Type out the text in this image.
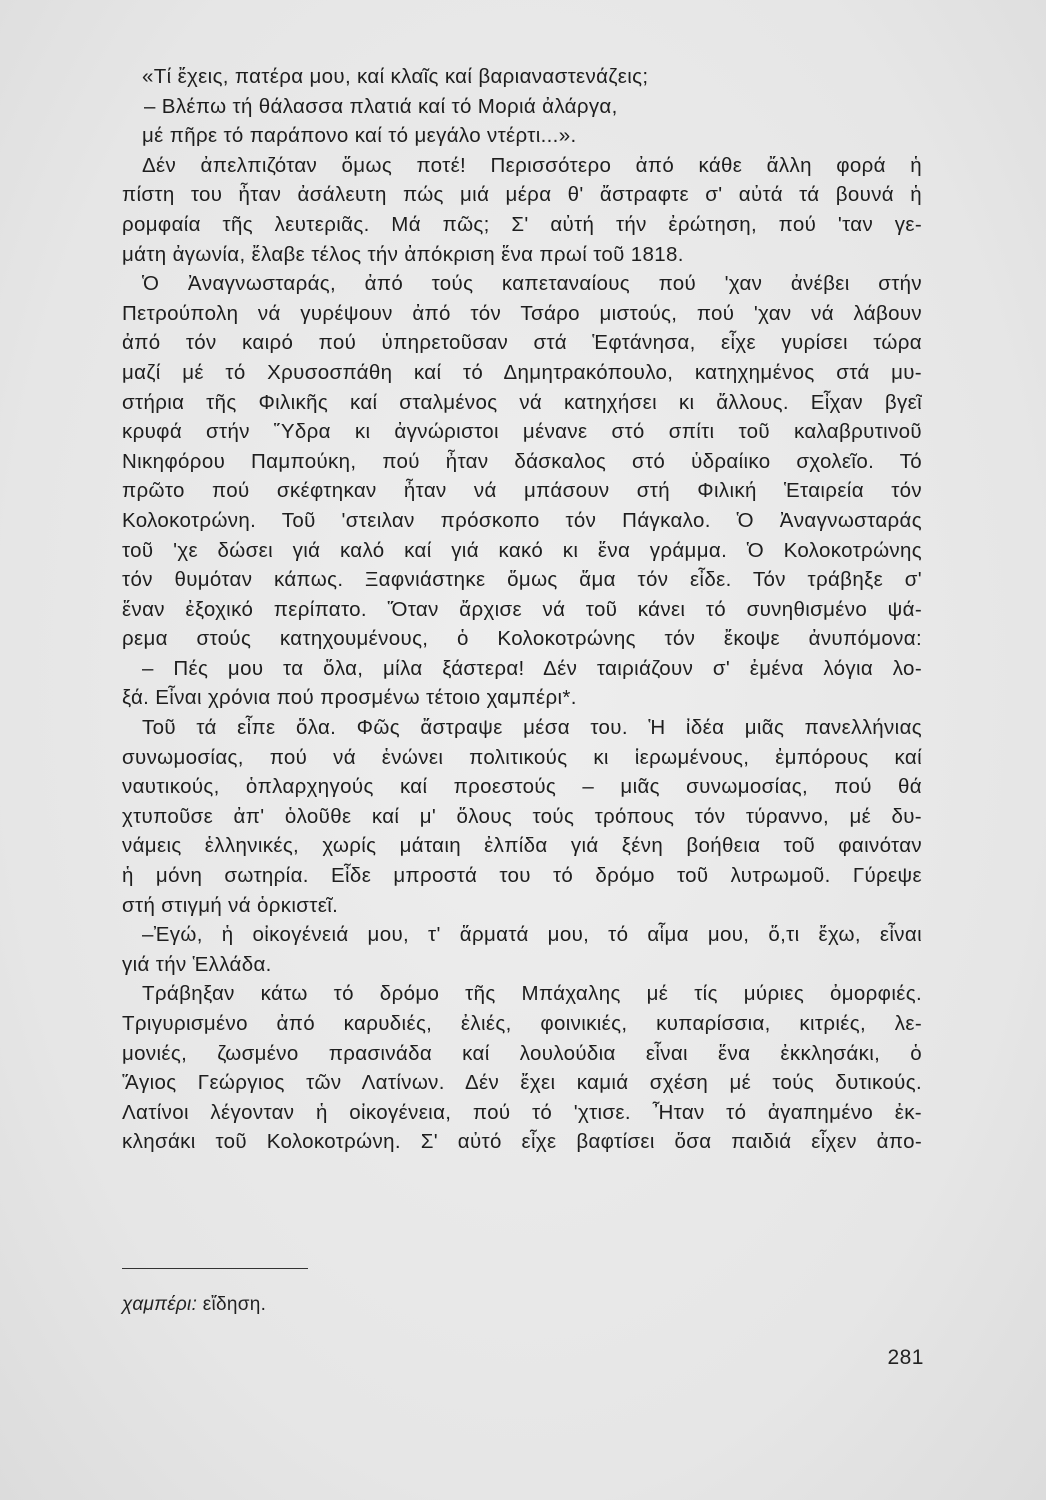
«Τί ἔχεις, πατέρα μου, καί κλαῖς καί βαριαναστενάζεις;
– Βλέπω τή θάλασσα πλατιά καί τό Μοριά ἀλάργα,
μέ πῆρε τό παράπονο καί τό μεγάλο ντέρτι...».
Δέν ἀπελπιζόταν ὅμως ποτέ! Περισσότερο ἀπό κάθε ἄλλη φορά ἡ
πίστη του ἦταν ἀσάλευτη πώς μιά μέρα θ' ἄστραφτε σ' αὐτά τά βουνά ἡ
ρομφαία τῆς λευτεριᾶς. Μά πῶς; Σ' αὐτή τήν ἐρώτηση, πού 'ταν γε-
μάτη ἀγωνία, ἔλαβε τέλος τήν ἀπόκριση ἕνα πρωί τοῦ 1818.
Ὁ Ἀναγνωσταράς, ἀπό τούς καπεταναίους πού 'χαν ἀνέβει στήν
Πετρούπολη νά γυρέψουν ἀπό τόν Τσάρο μιστούς, πού 'χαν νά λάβουν
ἀπό τόν καιρό πού ὑπηρετοῦσαν στά Ἑφτάνησα, εἶχε γυρίσει τώρα
μαζί μέ τό Χρυσοσπάθη καί τό Δημητρακόπουλο, κατηχημένος στά μυ-
στήρια τῆς Φιλικῆς καί σταλμένος νά κατηχήσει κι ἄλλους. Εἶχαν βγεῖ
κρυφά στήν Ὕδρα κι ἀγνώριστοι μένανε στό σπίτι τοῦ καλαβρυτινοῦ
Νικηφόρου Παμπούκη, πού ἦταν δάσκαλος στό ὑδραίικο σχολεῖο. Τό
πρῶτο πού σκέφτηκαν ἦταν νά μπάσουν στή Φιλική Ἑταιρεία τόν
Κολοκοτρώνη. Τοῦ 'στειλαν πρόσκοπο τόν Πάγκαλο. Ὁ Ἀναγνωσταράς
τοῦ 'χε δώσει γιά καλό καί γιά κακό κι ἕνα γράμμα. Ὁ Κολοκοτρώνης
τόν θυμόταν κάπως. Ξαφνιάστηκε ὅμως ἅμα τόν εἶδε. Τόν τράβηξε σ'
ἕναν ἐξοχικό περίπατο. Ὅταν ἄρχισε νά τοῦ κάνει τό συνηθισμένο ψά-
ρεμα στούς κατηχουμένους, ὁ Κολοκοτρώνης τόν ἔκοψε ἀνυπόμονα:
– Πές μου τα ὅλα, μίλα ξάστερα! Δέν ταιριάζουν σ' ἐμένα λόγια λο-
ξά. Εἶναι χρόνια πού προσμένω τέτοιο χαμπέρι*.
Τοῦ τά εἶπε ὅλα. Φῶς ἄστραψε μέσα του. Ἡ ἰδέα μιᾶς πανελλήνιας
συνωμοσίας, πού νά ἑνώνει πολιτικούς κι ἱερωμένους, ἐμπόρους καί
ναυτικούς, ὁπλαρχηγούς καί προεστούς – μιᾶς συνωμοσίας, πού θά
χτυποῦσε ἀπ' ὁλοῦθε καί μ' ὅλους τούς τρόπους τόν τύραννο, μέ δυ-
νάμεις ἑλληνικές, χωρίς μάταιη ἐλπίδα γιά ξένη βοήθεια τοῦ φαινόταν
ἡ μόνη σωτηρία. Εἶδε μπροστά του τό δρόμο τοῦ λυτρωμοῦ. Γύρεψε
στή στιγμή νά ὁρκιστεῖ.
–Ἐγώ, ἡ οἰκογένειά μου, τ' ἅρματά μου, τό αἷμα μου, ὅ,τι ἔχω, εἶναι
γιά τήν Ἑλλάδα.
Τράβηξαν κάτω τό δρόμο τῆς Μπάχαλης μέ τίς μύριες ὀμορφιές.
Τριγυρισμένο ἀπό καρυδιές, ἐλιές, φοινικιές, κυπαρίσσια, κιτριές, λε-
μονιές, ζωσμένο πρασινάδα καί λουλούδια εἶναι ἕνα ἐκκλησάκι, ὁ
Ἅγιος Γεώργιος τῶν Λατίνων. Δέν ἔχει καμιά σχέση μέ τούς δυτικούς.
Λατίνοι λέγονταν ἡ οἰκογένεια, πού τό 'χτισε. Ἦταν τό ἀγαπημένο ἐκ-
κλησάκι τοῦ Κολοκοτρώνη. Σ' αὐτό εἶχε βαφτίσει ὅσα παιδιά εἶχεν ἀπο-
χαμπέρι: εἴδηση.
281
